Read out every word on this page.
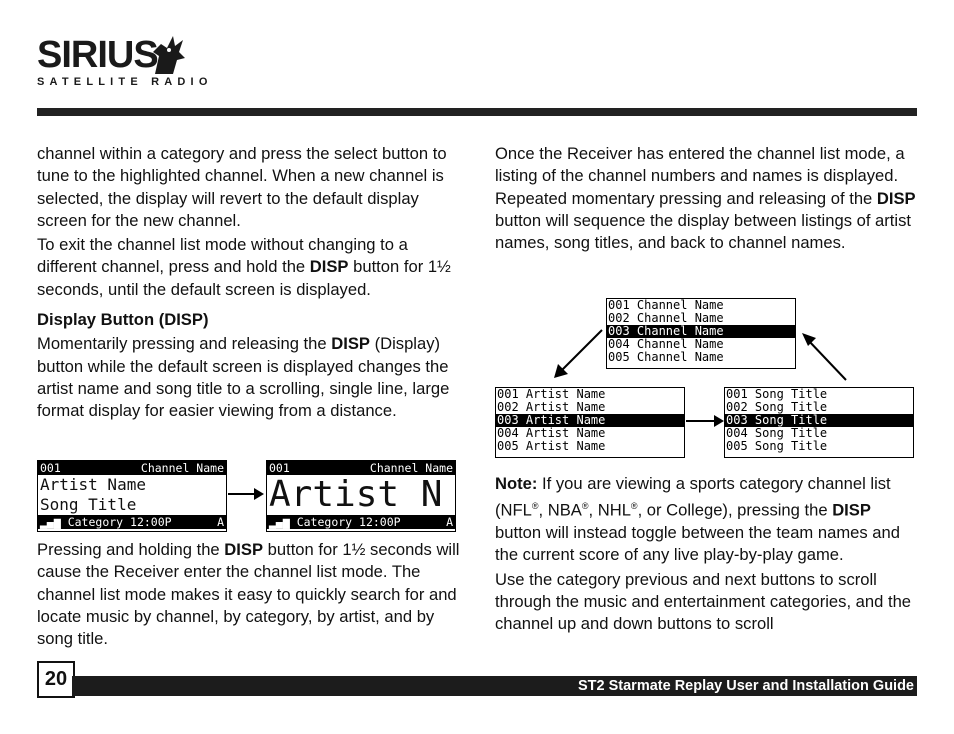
SIRIUS
SATELLITE RADIO

channel within a category and press the select button to tune to the highlighted channel. When a new channel is selected, the display will revert to the default display screen for the new channel.

To exit the channel list mode without changing to a different channel, press and hold the DISP button for 1½ seconds, until the default screen is displayed.

Display Button (DISP)

Momentarily pressing and releasing the DISP (Display) button while the default screen is displayed changes the artist name and song title to a scrolling, single line, large format display for easier viewing from a distance.

001	Channel Name
Artist Name
Song Title
▂▄▆ Category 12:00P	A
001	Channel Name
Artist N
▂▄▆ Category 12:00P	A

Pressing and holding the DISP button for 1½ seconds will cause the Receiver enter the channel list mode. The channel list mode makes it easy to quickly search for and locate music by channel, by category, by artist, and by song title.

Once the Receiver has entered the channel list mode, a listing of the channel numbers and names is displayed. Repeated momentary pressing and releasing of the DISP button will sequence the display between listings of artist names, song titles, and back to channel names.

001 Channel Name
002 Channel Name
003 Channel Name
004 Channel Name
005 Channel Name
001 Artist Name
002 Artist Name
003 Artist Name
004 Artist Name
005 Artist Name
001 Song Title
002 Song Title
003 Song Title
004 Song Title
005 Song Title

Note: If you are viewing a sports category channel list (NFL®, NBA®, NHL®, or College), pressing the DISP button will instead toggle between the team names and the current score of any live play-by-play game.

Use the category previous and next buttons to scroll through the music and entertainment categories, and the channel up and down buttons to scroll

20	ST2 Starmate Replay User and Installation Guide
